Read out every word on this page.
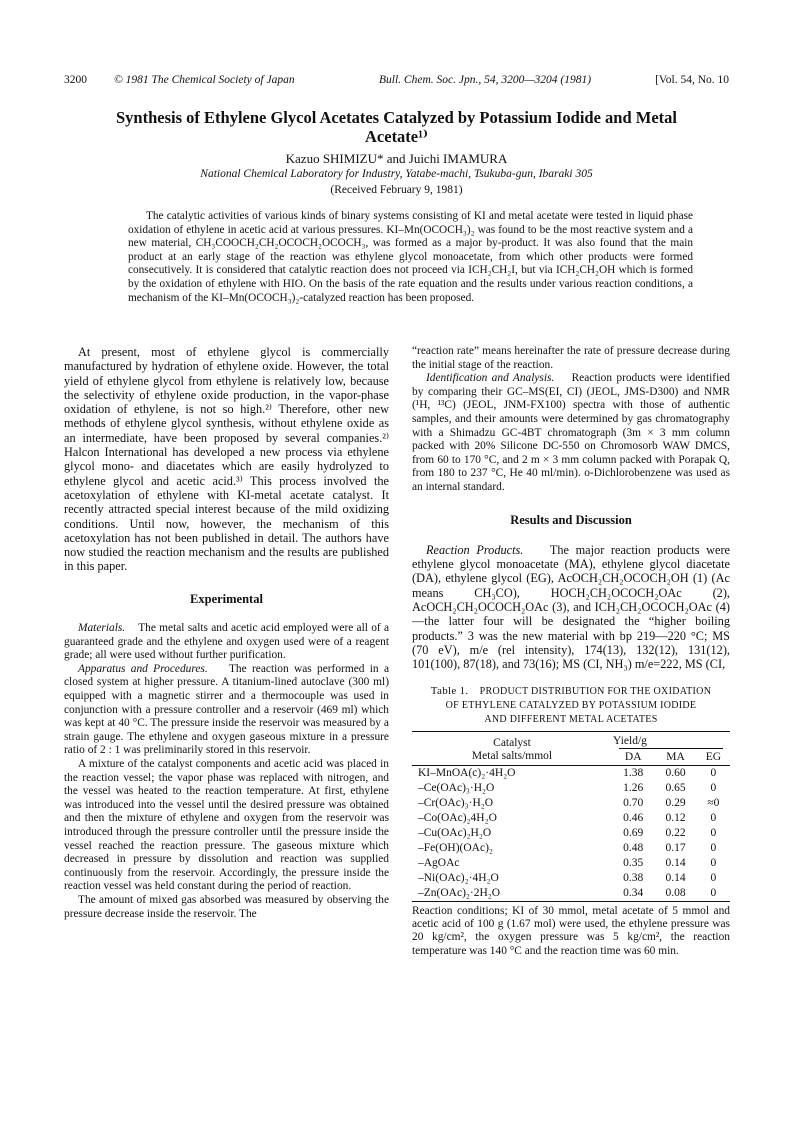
3200 © 1981 The Chemical Society of Japan	Bull. Chem. Soc. Jpn., 54, 3200—3204 (1981)	[Vol. 54, No. 10
Synthesis of Ethylene Glycol Acetates Catalyzed by Potassium Iodide and Metal Acetate¹⁾
Kazuo SHIMIZU* and Juichi IMAMURA
National Chemical Laboratory for Industry, Yatabe-machi, Tsukuba-gun, Ibaraki 305
(Received February 9, 1981)
The catalytic activities of various kinds of binary systems consisting of KI and metal acetate were tested in liquid phase oxidation of ethylene in acetic acid at various pressures. KI–Mn(OCOCH₃)₂ was found to be the most reactive system and a new material, CH₃COOCH₂CH₂OCOCH₂OCOCH₃, was formed as a major by-product. It was also found that the main product at an early stage of the reaction was ethylene glycol monoacetate, from which other products were formed consecutively. It is considered that catalytic reaction does not proceed via ICH₂CH₂I, but via ICH₂CH₂OH which is formed by the oxidation of ethylene with HIO. On the basis of the rate equation and the results under various reaction conditions, a mechanism of the KI–Mn(OCOCH₃)₂-catalyzed reaction has been proposed.

At present, most of ethylene glycol is commercially manufactured by hydration of ethylene oxide. However, the total yield of ethylene glycol from ethylene is relatively low, because the selectivity of ethylene oxide production, in the vapor-phase oxidation of ethylene, is not so high.²⁾ Therefore, other new methods of ethylene glycol synthesis, without ethylene oxide as an intermediate, have been proposed by several companies.²⁾ Halcon International has developed a new process via ethylene glycol mono- and diacetates which are easily hydrolyzed to ethylene glycol and acetic acid.³⁾ This process involved the acetoxylation of ethylene with KI-metal acetate catalyst. It recently attracted special interest because of the mild oxidizing conditions. Until now, however, the mechanism of this acetoxylation has not been published in detail. The authors have now studied the reaction mechanism and the results are published in this paper.

Experimental

Materials. The metal salts and acetic acid employed were all of a guaranteed grade and the ethylene and oxygen used were of a reagent grade; all were used without further purification.

Apparatus and Procedures. The reaction was performed in a closed system at higher pressure. A titanium-lined autoclave (300 ml) equipped with a magnetic stirrer and a thermocouple was used in conjunction with a pressure controller and a reservoir (469 ml) which was kept at 40 °C. The pressure inside the reservoir was measured by a strain gauge. The ethylene and oxygen gaseous mixture in a pressure ratio of 2 : 1 was preliminarily stored in this reservoir.

A mixture of the catalyst components and acetic acid was placed in the reaction vessel; the vapor phase was replaced with nitrogen, and the vessel was heated to the reaction temperature. At first, ethylene was introduced into the vessel until the desired pressure was obtained and then the mixture of ethylene and oxygen from the reservoir was introduced through the pressure controller until the pressure inside the vessel reached the reaction pressure. The gaseous mixture which decreased in pressure by dissolution and reaction was supplied continuously from the reservoir. Accordingly, the pressure inside the reaction vessel was held constant during the period of reaction.

The amount of mixed gas absorbed was measured by observing the pressure decrease inside the reservoir. The

“reaction rate” means hereinafter the rate of pressure decrease during the initial stage of the reaction.

Identification and Analysis. Reaction products were identified by comparing their GC–MS(EI, CI) (JEOL, JMS-D300) and NMR (¹H, ¹³C) (JEOL, JNM-FX100) spectra with those of authentic samples, and their amounts were determined by gas chromatography with a Shimadzu GC-4BT chromatograph (3m × 3 mm column packed with 20% Silicone DC-550 on Chromosorb WAW DMCS, from 60 to 170 °C, and 2 m × 3 mm column packed with Porapak Q, from 180 to 237 °C, He 40 ml/min). o-Dichlorobenzene was used as an internal standard.

Results and Discussion

Reaction Products. The major reaction products were ethylene glycol monoacetate (MA), ethylene glycol diacetate (DA), ethylene glycol (EG), AcOCH₂CH₂OCOCH₂OH (1) (Ac means CH₃CO), HOCH₂CH₂OCOCH₂OAc (2), AcOCH₂CH₂OCOCH₂OAc (3), and ICH₂CH₂OCOCH₂OAc (4)—the latter four will be designated the “higher boiling products.” 3 was the new material with bp 219—220 °C; MS (70 eV), m/e (rel intensity), 174(13), 132(12), 131(12), 101(100), 87(18), and 73(16); MS (CI, NH₃) m/e=222, MS (CI,

Table 1. PRODUCT DISTRIBUTION FOR THE OXIDATION
OF ETHYLENE CATALYZED BY POTASSIUM IODIDE
AND DIFFERENT METAL ACETATES
Catalyst
Metal salts/mmol	Yield/g		

	DA	MA	EG
KI–MnOA(c)₂·4H₂O	1.38	0.60	0
–Ce(OAc)₃·H₂O	1.26	0.65	0
–Cr(OAc)₃·H₂O	0.70	0.29	≈0
–Co(OAc)₂4H₂O	0.46	0.12	0
–Cu(OAc)₂H₂O	0.69	0.22	0
–Fe(OH)(OAc)₂	0.48	0.17	0
–AgOAc	0.35	0.14	0
–Ni(OAc)₂·4H₂O	0.38	0.14	0
–Zn(OAc)₂·2H₂O	0.34	0.08	0
Reaction conditions; KI of 30 mmol, metal acetate of 5 mmol and acetic acid of 100 g (1.67 mol) were used, the ethylene pressure was 20 kg/cm², the oxygen pressure was 5 kg/cm², the reaction temperature was 140 °C and the reaction time was 60 min.
